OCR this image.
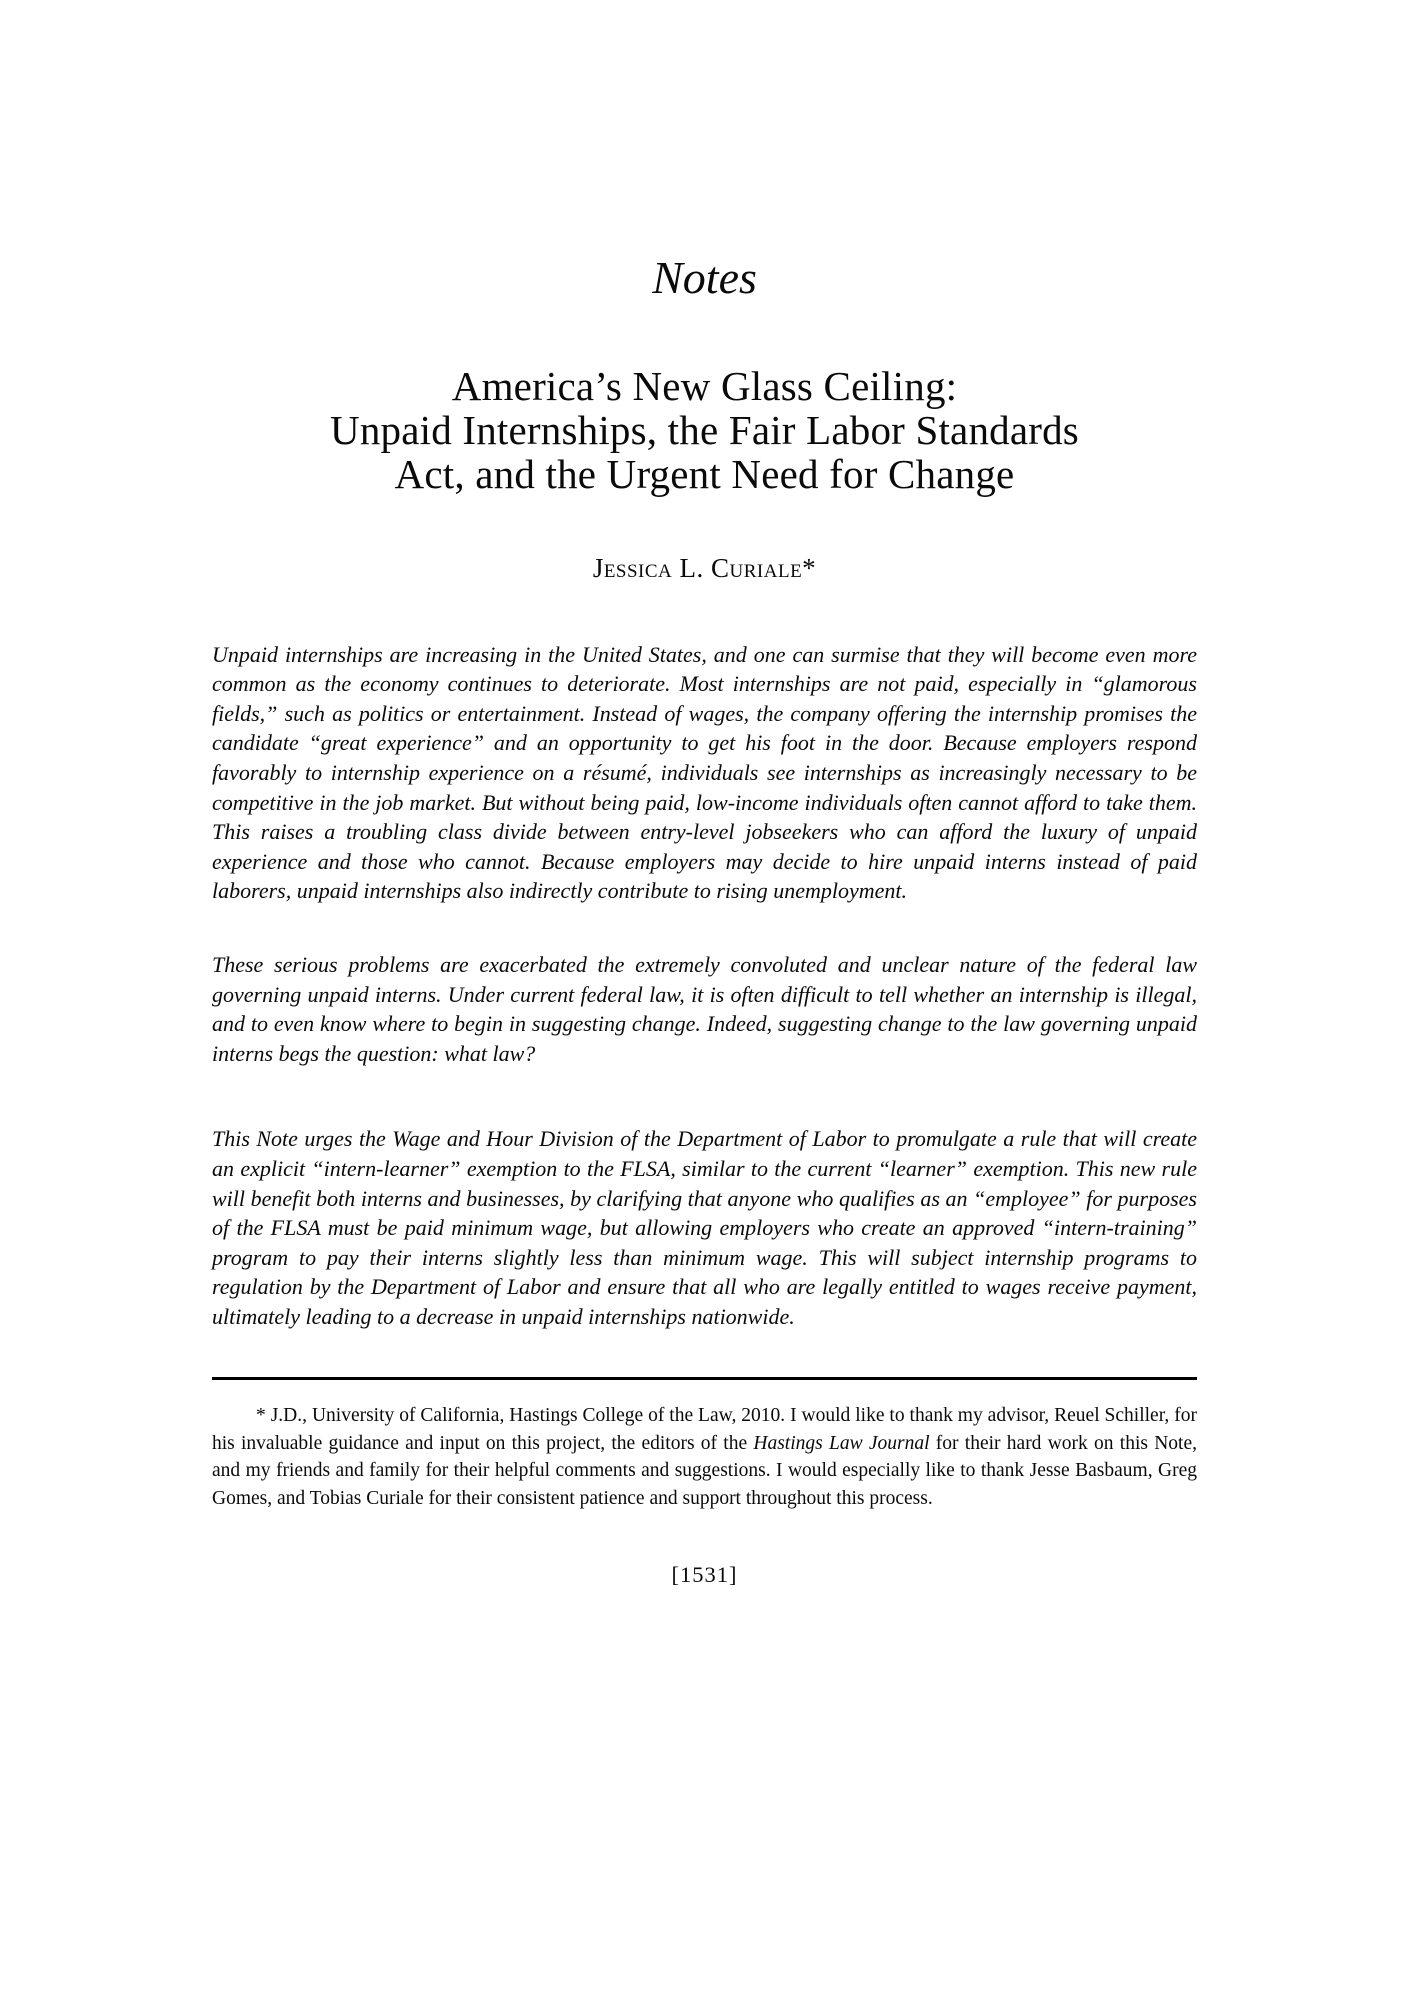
Notes
America’s New Glass Ceiling:
Unpaid Internships, the Fair Labor Standards
Act, and the Urgent Need for Change
Jessica L. Curiale*

Unpaid internships are increasing in the United States, and one can surmise that they will become even more common as the economy continues to deteriorate. Most internships are not paid, especially in “glamorous fields,” such as politics or entertainment. Instead of wages, the company offering the internship promises the candidate “great experience” and an opportunity to get his foot in the door. Because employers respond favorably to internship experience on a résumé, individuals see internships as increasingly necessary to be competitive in the job market. But without being paid, low-income individuals often cannot afford to take them. This raises a troubling class divide between entry-level jobseekers who can afford the luxury of unpaid experience and those who cannot. Because employers may decide to hire unpaid interns instead of paid laborers, unpaid internships also indirectly contribute to rising unemployment.

These serious problems are exacerbated the extremely convoluted and unclear nature of the federal law governing unpaid interns. Under current federal law, it is often difficult to tell whether an internship is illegal, and to even know where to begin in suggesting change. Indeed, suggesting change to the law governing unpaid interns begs the question: what law?

This Note urges the Wage and Hour Division of the Department of Labor to promulgate a rule that will create an explicit “intern-learner” exemption to the FLSA, similar to the current “learner” exemption. This new rule will benefit both interns and businesses, by clarifying that anyone who qualifies as an “employee” for purposes of the FLSA must be paid minimum wage, but allowing employers who create an approved “intern-training” program to pay their interns slightly less than minimum wage. This will subject internship programs to regulation by the Department of Labor and ensure that all who are legally entitled to wages receive payment, ultimately leading to a decrease in unpaid internships nationwide.

* J.D., University of California, Hastings College of the Law, 2010. I would like to thank my advisor, Reuel Schiller, for his invaluable guidance and input on this project, the editors of the Hastings Law Journal for their hard work on this Note, and my friends and family for their helpful comments and suggestions. I would especially like to thank Jesse Basbaum, Greg Gomes, and Tobias Curiale for their consistent patience and support throughout this process.

[1531]
